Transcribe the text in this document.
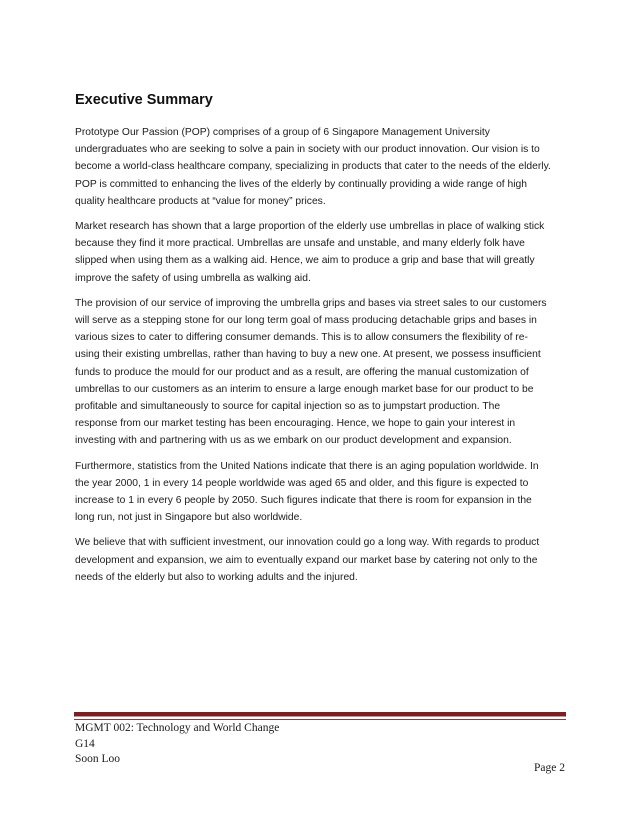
Executive Summary

Prototype Our Passion (POP) comprises of a group of 6 Singapore Management University
undergraduates who are seeking to solve a pain in society with our product innovation. Our vision is to
become a world-class healthcare company, specializing in products that cater to the needs of the elderly.
POP is committed to enhancing the lives of the elderly by continually providing a wide range of high
quality healthcare products at “value for money” prices.

Market research has shown that a large proportion of the elderly use umbrellas in place of walking stick
because they find it more practical. Umbrellas are unsafe and unstable, and many elderly folk have
slipped when using them as a walking aid. Hence, we aim to produce a grip and base that will greatly
improve the safety of using umbrella as walking aid.

The provision of our service of improving the umbrella grips and bases via street sales to our customers
will serve as a stepping stone for our long term goal of mass producing detachable grips and bases in
various sizes to cater to differing consumer demands. This is to allow consumers the flexibility of re-
using their existing umbrellas, rather than having to buy a new one. At present, we possess insufficient
funds to produce the mould for our product and as a result, are offering the manual customization of
umbrellas to our customers as an interim to ensure a large enough market base for our product to be
profitable and simultaneously to source for capital injection so as to jumpstart production. The
response from our market testing has been encouraging. Hence, we hope to gain your interest in
investing with and partnering with us as we embark on our product development and expansion.

Furthermore, statistics from the United Nations indicate that there is an aging population worldwide. In
the year 2000, 1 in every 14 people worldwide was aged 65 and older, and this figure is expected to
increase to 1 in every 6 people by 2050. Such figures indicate that there is room for expansion in the
long run, not just in Singapore but also worldwide.

We believe that with sufficient investment, our innovation could go a long way. With regards to product
development and expansion, we aim to eventually expand our market base by catering not only to the
needs of the elderly but also to working adults and the injured.

MGMT 002: Technology and World Change
G14
Soon Loo
Page 2
